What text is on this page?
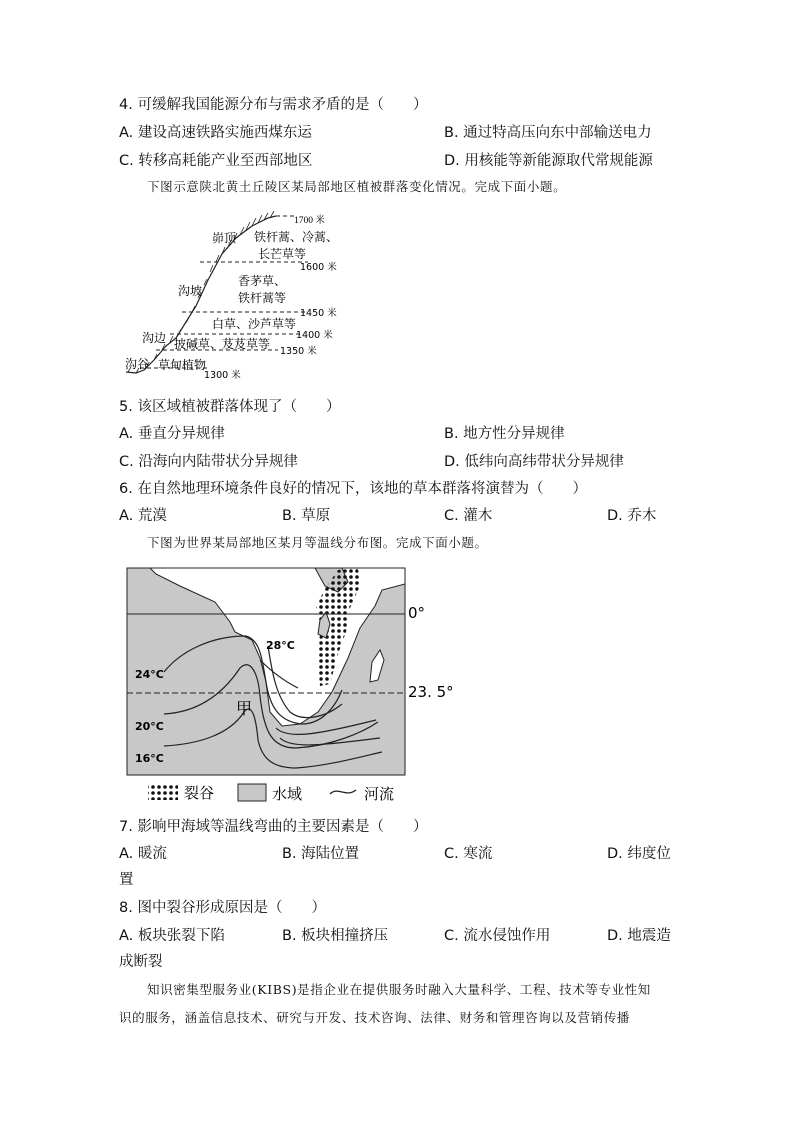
4. 可缓解我国能源分布与需求矛盾的是（　　）
A. 建设高速铁路实施西煤东运	B. 通过特高压向东中部输送电力
C. 转移高耗能产业至西部地区	D. 用核能等新能源取代常规能源
下图示意陕北黄土丘陵区某局部地区植被群落变化情况。完成下面小题。
1700 米
1600 米
1450 米
1400 米
1350 米
1300 米
峁顶
沟坡
沟边
沟谷
铁杆蒿、冷蒿、
长芒草等
香茅草、
铁杆蒿等
白草、沙芦草等
披碱草、芨芨草等
草甸植物
5. 该区域植被群落体现了（　　）
A. 垂直分异规律	B. 地方性分异规律
C. 沿海向内陆带状分异规律	D. 低纬向高纬带状分异规律
6. 在自然地理环境条件良好的情况下，该地的草本群落将演替为（　　）
A. 荒漠	B. 草原	C. 灌木	D. 乔木
下图为世界某局部地区某月等温线分布图。完成下面小题。
28°C
24°C
20°C
16°C
甲
0°
23. 5°
裂谷	水域	河流
7. 影响甲海域等温线弯曲的主要因素是（　　）
A. 暖流	B. 海陆位置	C. 寒流	D. 纬度位
置
8. 图中裂谷形成原因是（　　）
A. 板块张裂下陷	B. 板块相撞挤压	C. 流水侵蚀作用	D. 地震造
成断裂
知识密集型服务业(KIBS)是指企业在提供服务时融入大量科学、工程、技术等专业性知
识的服务，涵盖信息技术、研究与开发、技术咨询、法律、财务和管理咨询以及营销传播
